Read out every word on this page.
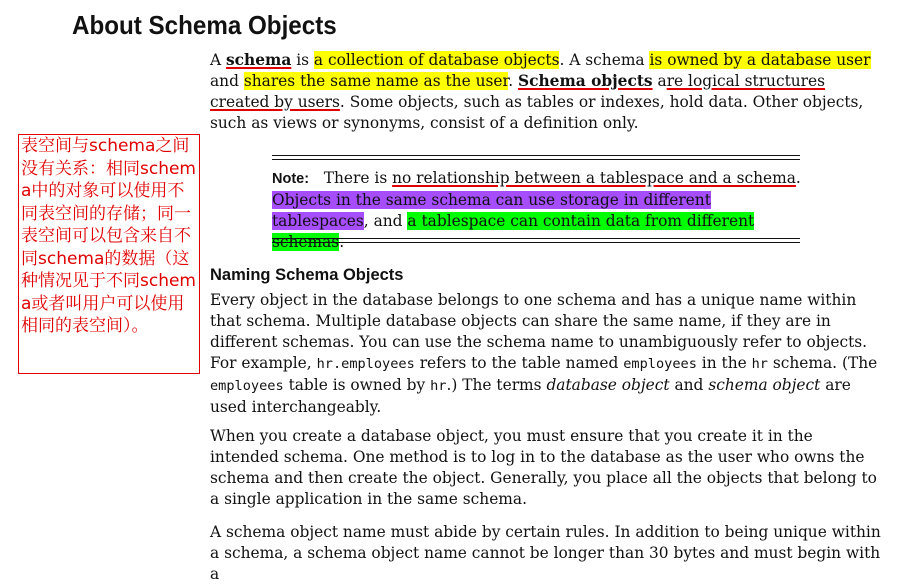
About Schema Objects

A schema is a collection of database objects. A schema is owned by a database user and shares the same name as the user. Schema objects are logical structures created by users. Some objects, such as tables or indexes, hold data. Other objects, such as views or synonyms, consist of a definition only.

表空间与schema之间没有关系：相同schema中的对象可以使用不同表空间的存储；同一表空间可以包含来自不同schema的数据（这种情况见于不同schema或者叫用户可以使用相同的表空间）。
Note: There is no relationship between a tablespace and a schema. Objects in the same schema can use storage in different tablespaces, and a tablespace can contain data from different schemas.
Naming Schema Objects

Every object in the database belongs to one schema and has a unique name within that schema. Multiple database objects can share the same name, if they are in different schemas. You can use the schema name to unambiguously refer to objects. For example, hr.employees refers to the table named employees in the hr schema. (The employees table is owned by hr.) The terms database object and schema object are used interchangeably.

When you create a database object, you must ensure that you create it in the intended schema. One method is to log in to the database as the user who owns the schema and then create the object. Generally, you place all the objects that belong to a single application in the same schema.

A schema object name must abide by certain rules. In addition to being unique within a schema, a schema object name cannot be longer than 30 bytes and must begin with a
